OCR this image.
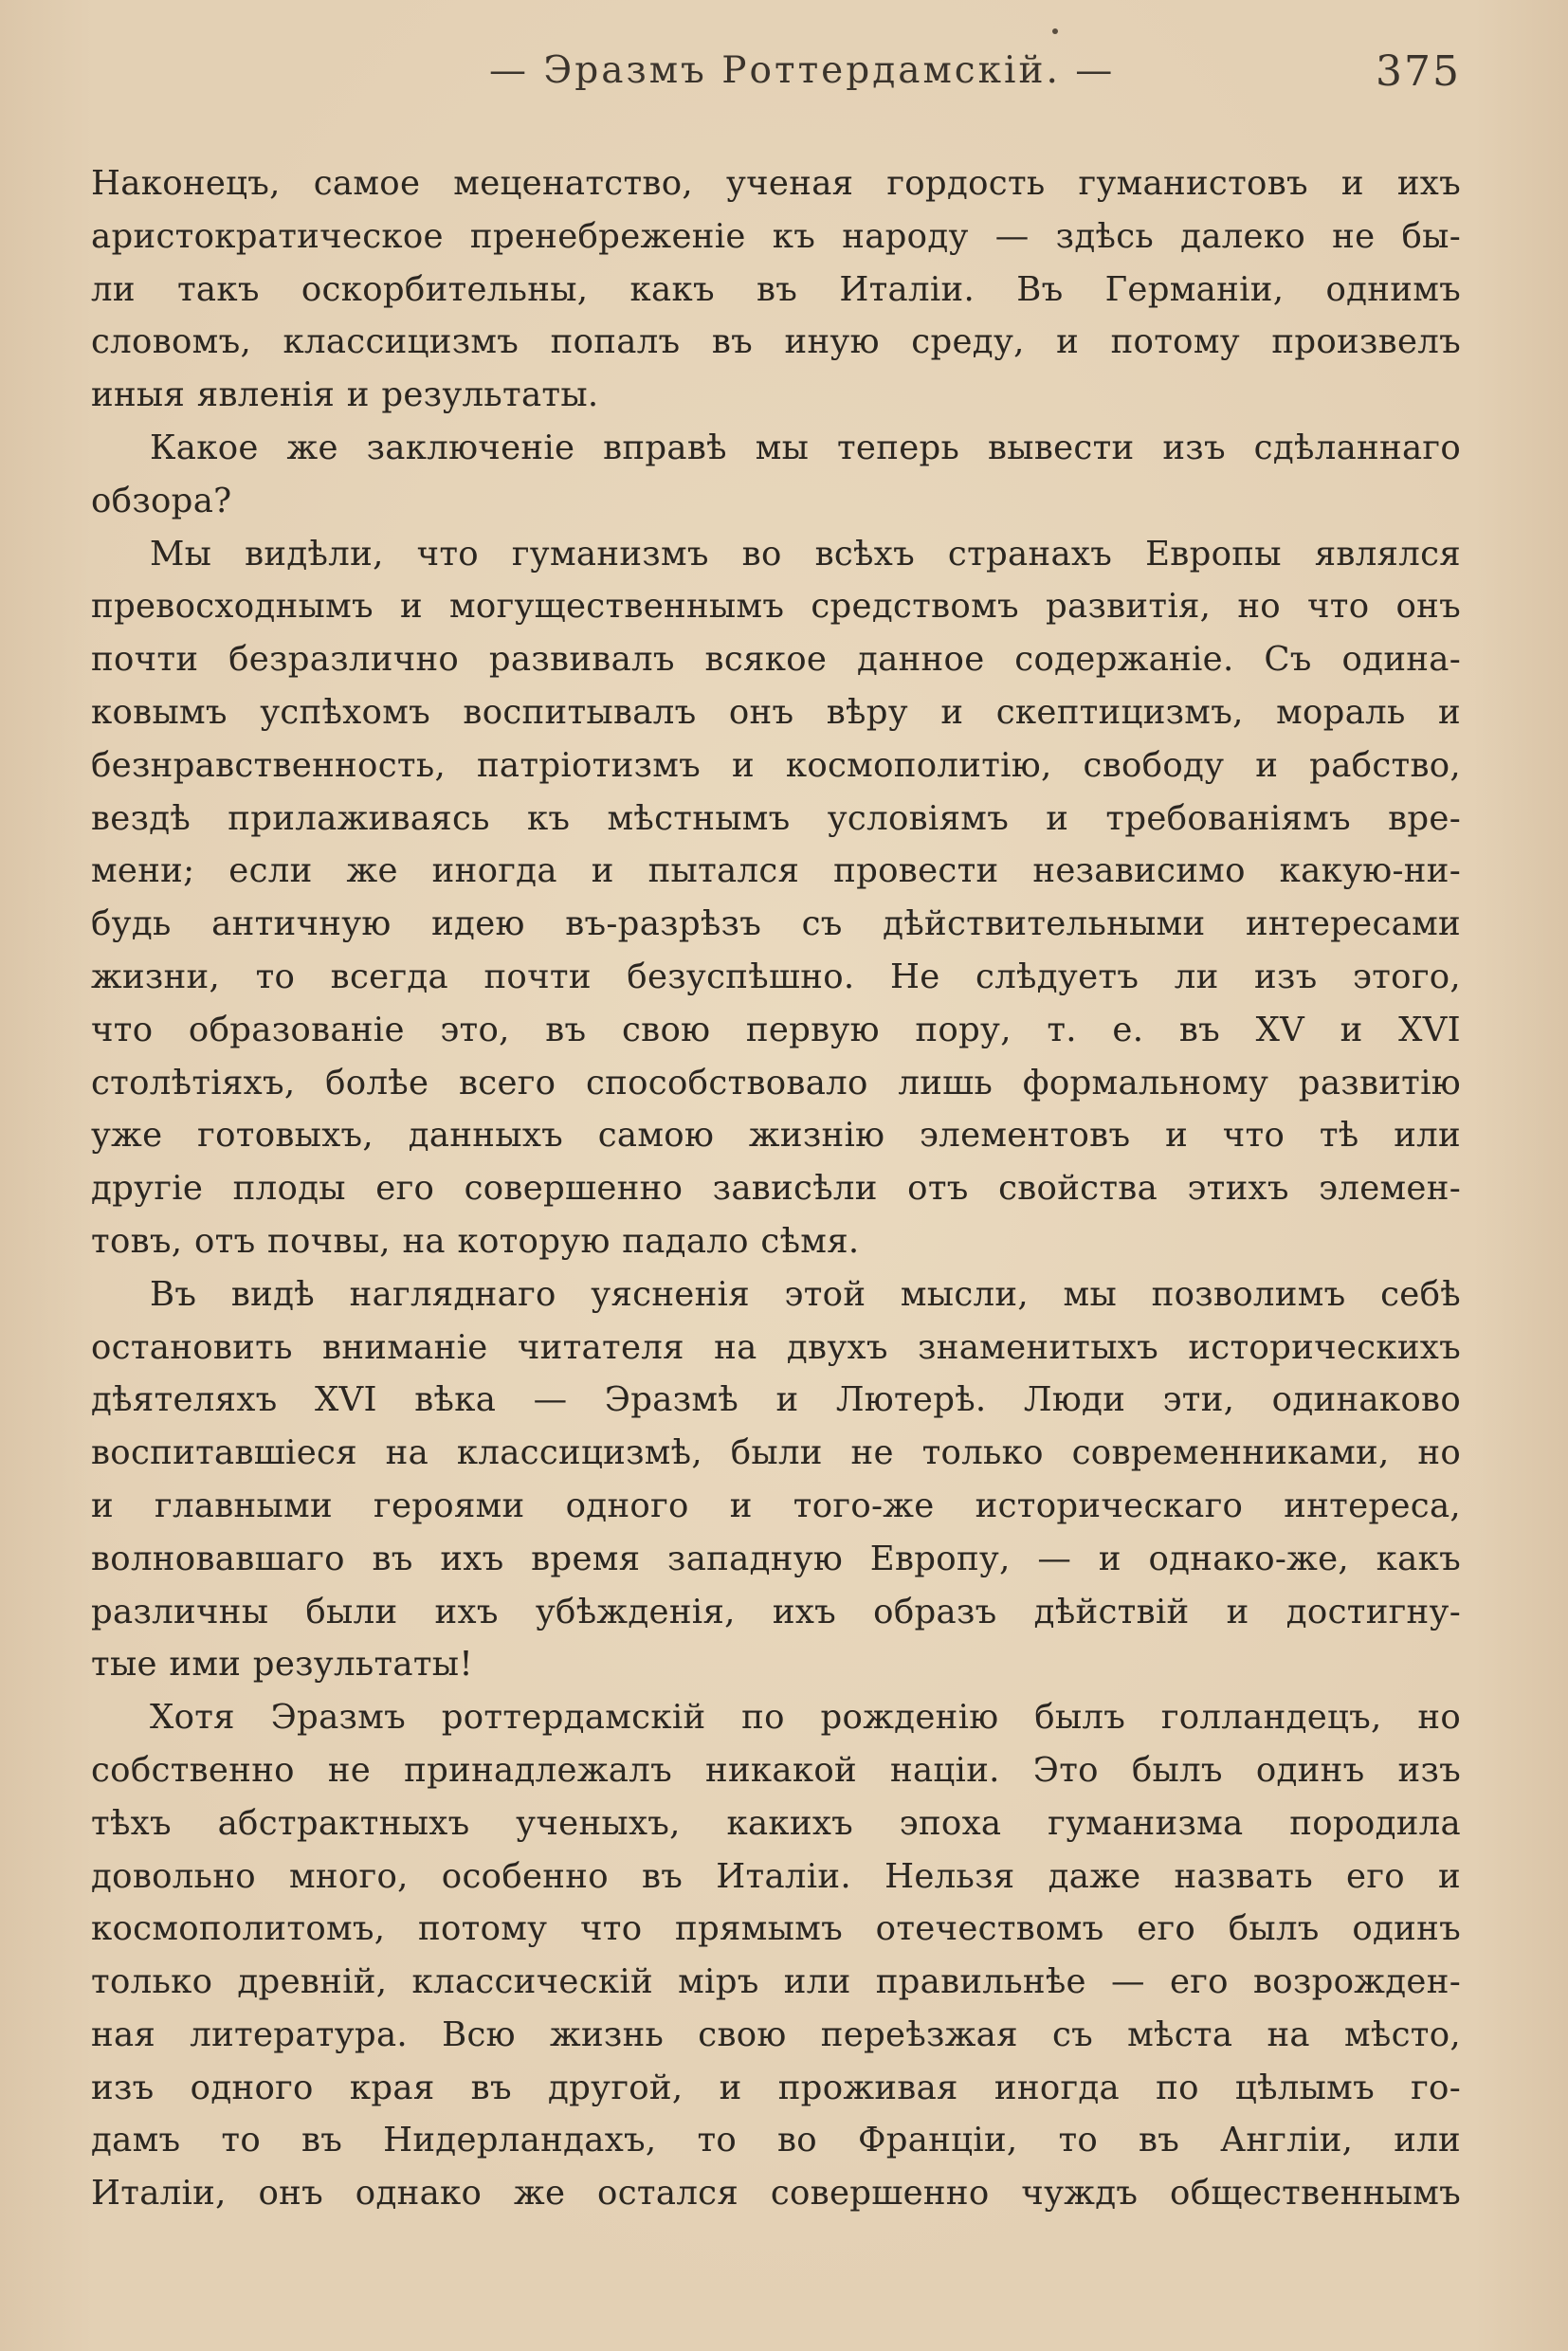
— Эразмъ Роттердамскій. —	375
Наконецъ, самое меценатство, ученая гордость гуманистовъ и ихъ
аристократическое пренебреженіе къ народу — здѣсь далеко не бы-
ли такъ оскорбительны, какъ въ Италіи. Въ Германіи, однимъ
словомъ, классицизмъ попалъ въ иную среду, и потому произвелъ
иныя явленія и результаты.
Какое же заключеніе вправѣ мы теперь вывести изъ сдѣланнаго
обзора?
Мы видѣли, что гуманизмъ во всѣхъ странахъ Европы являлся
превосходнымъ и могущественнымъ средствомъ развитія, но что онъ
почти безразлично развивалъ всякое данное содержаніе. Съ одина-
ковымъ успѣхомъ воспитывалъ онъ вѣру и скептицизмъ, мораль и
безнравственность, патріотизмъ и космополитію, свободу и рабство,
вездѣ прилаживаясь къ мѣстнымъ условіямъ и требованіямъ вре-
мени; если же иногда и пытался провести независимо какую-ни-
будь античную идею въ-разрѣзъ съ дѣйствительными интересами
жизни, то всегда почти безуспѣшно. Не слѣдуетъ ли изъ этого,
что образованіе это, въ свою первую пору, т. е. въ XV и XVI
столѣтіяхъ, болѣе всего способствовало лишь формальному развитію
уже готовыхъ, данныхъ самою жизнію элементовъ и что тѣ или
другіе плоды его совершенно зависѣли отъ свойства этихъ элемен-
товъ, отъ почвы, на которую падало сѣмя.
Въ видѣ нагляднаго уясненія этой мысли, мы позволимъ себѣ
остановить вниманіе читателя на двухъ знаменитыхъ историческихъ
дѣятеляхъ XVI вѣка — Эразмѣ и Лютерѣ. Люди эти, одинаково
воспитавшіеся на классицизмѣ, были не только современниками, но
и главными героями одного и того-же историческаго интереса,
волновавшаго въ ихъ время западную Европу, — и однако-же, какъ
различны были ихъ убѣжденія, ихъ образъ дѣйствій и достигну-
тые ими результаты!
Хотя Эразмъ роттердамскій по рожденію былъ голландецъ, но
собственно не принадлежалъ никакой націи. Это былъ одинъ изъ
тѣхъ абстрактныхъ ученыхъ, какихъ эпоха гуманизма породила
довольно много, особенно въ Италіи. Нельзя даже назвать его и
космополитомъ, потому что прямымъ отечествомъ его былъ одинъ
только древній, классическій міръ или правильнѣе — его возрожден-
ная литература. Всю жизнь свою переѣзжая съ мѣста на мѣсто,
изъ одного края въ другой, и проживая иногда по цѣлымъ го-
дамъ то въ Нидерландахъ, то во Франціи, то въ Англіи, или
Италіи, онъ однако же остался совершенно чуждъ общественнымъ
